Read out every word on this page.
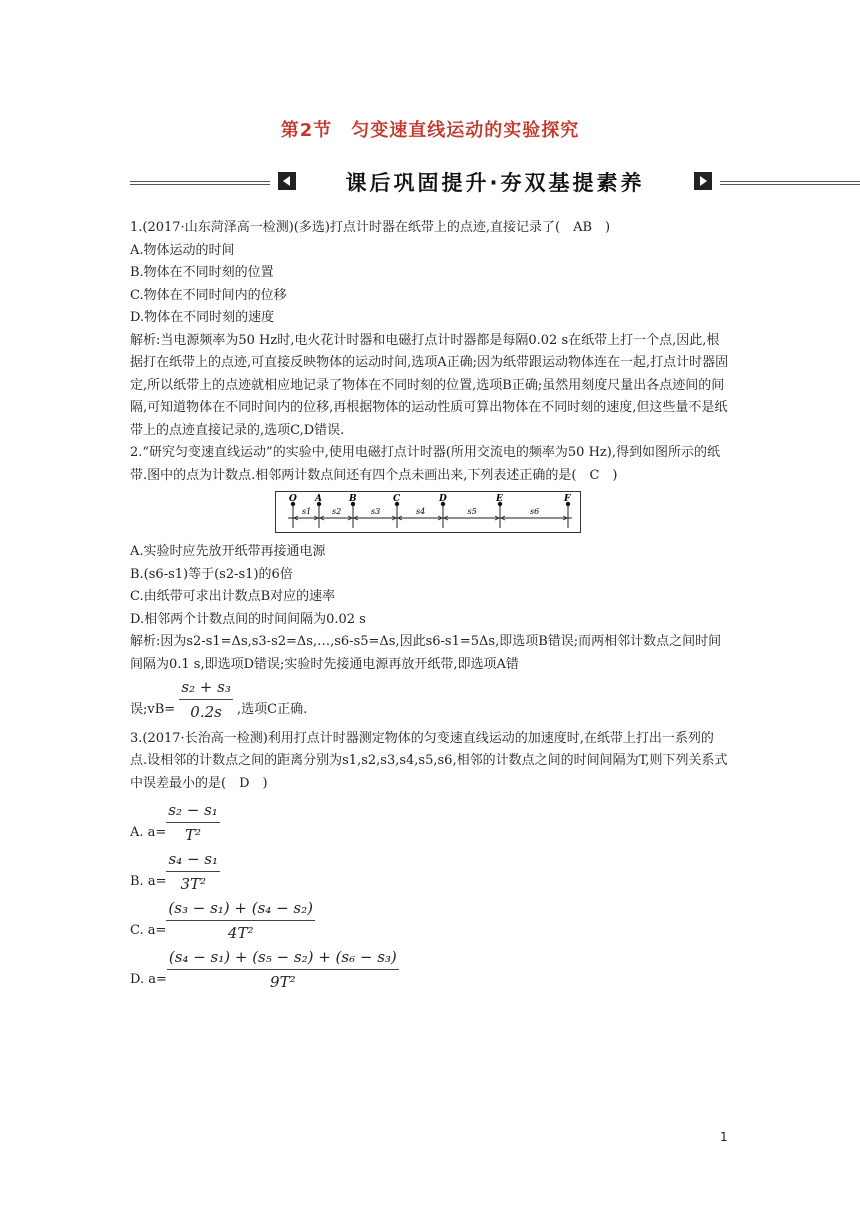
第2节　匀变速直线运动的实验探究
课后巩固提升·夯双基提素养

1.(2017·山东菏泽高一检测)(多选)打点计时器在纸带上的点迹,直接记录了(　AB　)

A.物体运动的时间

B.物体在不同时刻的位置

C.物体在不同时间内的位移

D.物体在不同时刻的速度

解析:当电源频率为50 Hz时,电火花计时器和电磁打点计时器都是每隔0.02 s在纸带上打一个点,因此,根据打在纸带上的点迹,可直接反映物体的运动时间,选项A正确;因为纸带跟运动物体连在一起,打点计时器固定,所以纸带上的点迹就相应地记录了物体在不同时刻的位置,选项B正确;虽然用刻度尺量出各点迹间的间隔,可知道物体在不同时间内的位移,再根据物体的运动性质可算出物体在不同时刻的速度,但这些量不是纸带上的点迹直接记录的,选项C,D错误.

2.“研究匀变速直线运动”的实验中,使用电磁打点计时器(所用交流电的频率为50 Hz),得到如图所示的纸带.图中的点为计数点.相邻两计数点间还有四个点未画出来,下列表述正确的是(　C　)

O A	B	C	D	E	F
s1	s2	s3	s4	s5	s6

A.实验时应先放开纸带再接通电源

B.(s6-s1)等于(s2-s1)的6倍

C.由纸带可求出计数点B对应的速率

D.相邻两个计数点间的时间间隔为0.02 s

解析:因为s2-s1=Δs,s3-s2=Δs,…,s6-s5=Δs,因此s6-s1=5Δs,即选项B错误;而两相邻计数点之间时间间隔为0.1 s,即选项D错误;实验时先接通电源再放开纸带,即选项A错

误;vB= $\frac{\text{s₂ + s₃}}{0.2s}$ ,选项C正确.

3.(2017·长治高一检测)利用打点计时器测定物体的匀变速直线运动的加速度时,在纸带上打出一系列的点.设相邻的计数点之间的距离分别为s1,s2,s3,s4,s5,s6,相邻的计数点之间的时间间隔为T,则下列关系式中误差最小的是(　D　)

A. $a= \frac{\text{s₂ − s₁}}{\text{T²}}$
B. $a= \frac{\text{s₄ − s₁}}{\text{3T²}}$
C. $a= \frac{\text{(s₃ − s₁) + (s₄ − s₂)}}{\text{4T²}}$
D. $a= \frac{\text{(s₄ − s₁) + (s₅ − s₂) + (s₆ − s₃)}}{\text{9T²}}$
1
